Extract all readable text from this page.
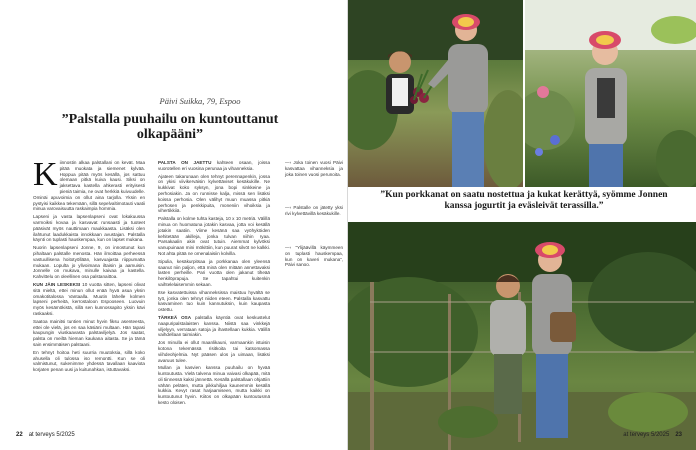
Päivi Suikka, 79, Espoo
”Palstalla puuhailu on kuntouttanut olkapääni”

Kiinnostin alkaa palstallani on kevät. Maa pitää muokata ja siemenet kylvää. Hoppua pitää myös kesällä, jos sattuu olemaan pitkä kuiva kausi. Siksi on jaksettava kastella ahkerasti erityisesti pieniä taimia, ne ovat herkkiä kuivuudelle. Ominäi apuvoimia on ollut aina tarjolla. Yksin en pystyisi kaikkea tekemään, sillä sepelvaltimotauti vaatii minua varovaisuutta raskaimpia hommia.

Lapseni ja vasta lapsenlapseni ovat lokakuussa varmoiksi kovaa ja kasvavat runsaasti ja tuoteet pääsivät myös nauttimaan maukkaasta. Lisäksi olen ilahtunut laadukkaista innokkaan avustajan. Palstalla käynti on tuplasti hauskempaa, kun on lapset mukana.

Nuorin lapsenlapseni Jonne, 9, on innostunut kun pihaltaan palstalle menosta. Hän ilmoittaa perheessä vastuullisena hoitotyöllään, kasvuajasta riippumatta mukaan. Lopulta jo ylivoimana iltaisin ja aamuisin. Jonnelle on mukava, minulle kaivaa ja kastella. Kahvittelu on oleellinen osa palstanaittoa.

KUN JÄIN LESKEKSI 10 vuotta sitten, lapseni olivat sitä mieltä, ettei minun ollut enää hyvä asua yksin omakotitalossa Vantaalla. Muutin lähelle kolmen lapseni perheitä, kerrostaloon Espooseen. Luovuin myös kesämökistä, sillä sen kunnossapito yksin kävi raskaaksi.

Saatoa mainitsi tuntien minut hyvin fiksu asenteesta, ettei ole vielä, jos en saa käsiäni multaan. Hän tapasi kaupungin viuskaavasta palstaviljelyä. Jos saatat, palsta on meiltä hieman kaukana aitasta. Se ja tämä sain ensimmäisen palstaani.

En tehnyt hoitoa heti suurria muutoksia, sillä koko ahusella oli tulossa iso remontti. Kun se oli valmistunut, sukenimme yhdessä tavallaan kaaviota korjaten penan uusi ja kuitunahkan, istuttavaksi.

PALSTA ON JAETTU kahteen osaan, joissa vuorotellen eri vuosina perunaa ja vihanneksia.

Ajateen takarunaan olen tehnyt perennapenkin, jossa on ykisi viivikerväisin kylvettäviset kesäkukille. Ne kukkivat koko syksyn, jona bopi sinkkeine ja perhosiakin. Ja on runnisse kalja, missä sen lisäksi koissa perhosia. Olen välihyt muun muassa pitkiä perhosen ja penkkipuita, moneniin vihoiksia ja vihertikkiiä.

Palstalla on kolme tuhta kasteja, 10 x 10 metriä. Välillä minua on huomatuna jotakin kasvaa, jotta voi kesällä jotakin saatiin. Viime kesänä saa vyöhyköiden kehitetään akilleja, jonka tulvan niihin ryaa. Parsakaalin akin ovat tutuin. Aiemmat kylvöksi vanupuinaan mini mökittiin, kun puurat silvöt ne kalkki. Not ahta pitää ne omenalaisiin kolvilla.

Sipulia, kesäkurpitsaa ja porkkanaa olen yleensä saanut niin paljon, että minä olen mitään annettavaksi lasten perheille. Pari vuotta olen jakanut tiheää henkilöprapuja. Se tapahtui kuitenkin vaihtelelaisemmin sekaan.

Itse kasvatettuissa vihanneksissa maistuu hyvältä se työ, jonka olen tehnyt niiden eteen. Palstalla kasvattu kasvaminen tuo kuin kannutuksin, kuin kaupasta ostettu.

TÄRKEÄ OSA palstalla käyntiä ovat keskustelut naapuripalstalaisten kanssa. Niistä saa vinkkejä viljelyyn, verrataan satoja ja ihastellaan kukkia. Välillä vaihdellaan taimiakin.

Jos minulla ei ollut maanlikauni, varmaankin istuisin kotona tekemässä risitkoita tai katsomassa viihdeohjelmia. Nyt pääsen ulos ja uimaan, lisäksi avaruus tulee.

Mullan ja kasvien kanssa puuhailu on hyvää kuntoutusta. Vielä talvena minua vaivasi olkapää, mitä oli tiinnessä kaksi jännettä. Kesällä palstallaan ohjattiin vähän peläten, mutta pikkuhiljaa kaunemmin kesällä kukkia. Kevyt rasat harjaamiseen, mutta kaikki on kuntoutunut hyvin. Kiitos on olkapään kuntoutusmä kesto oloisen.

—› Joka toinen vuosi Päivi kasvattaa vihanneksia ja joka toinen vuosi perunoita.
—› Palstalle on jätetty yksi rivi kylvettävillä kesäkukille.
—› ”Ylijäävillä käymmeen on tuplasti hauskempaa, kun on kaveri mukana”, Päivi sanoo.
22 at terveys 5/2025
”Kun porkkanat on saatu nostettua ja kukat kerättyä, syömme Jonnen kanssa jogurtit ja eväsleivät terassilla.”
at terveys 5/2025 23
